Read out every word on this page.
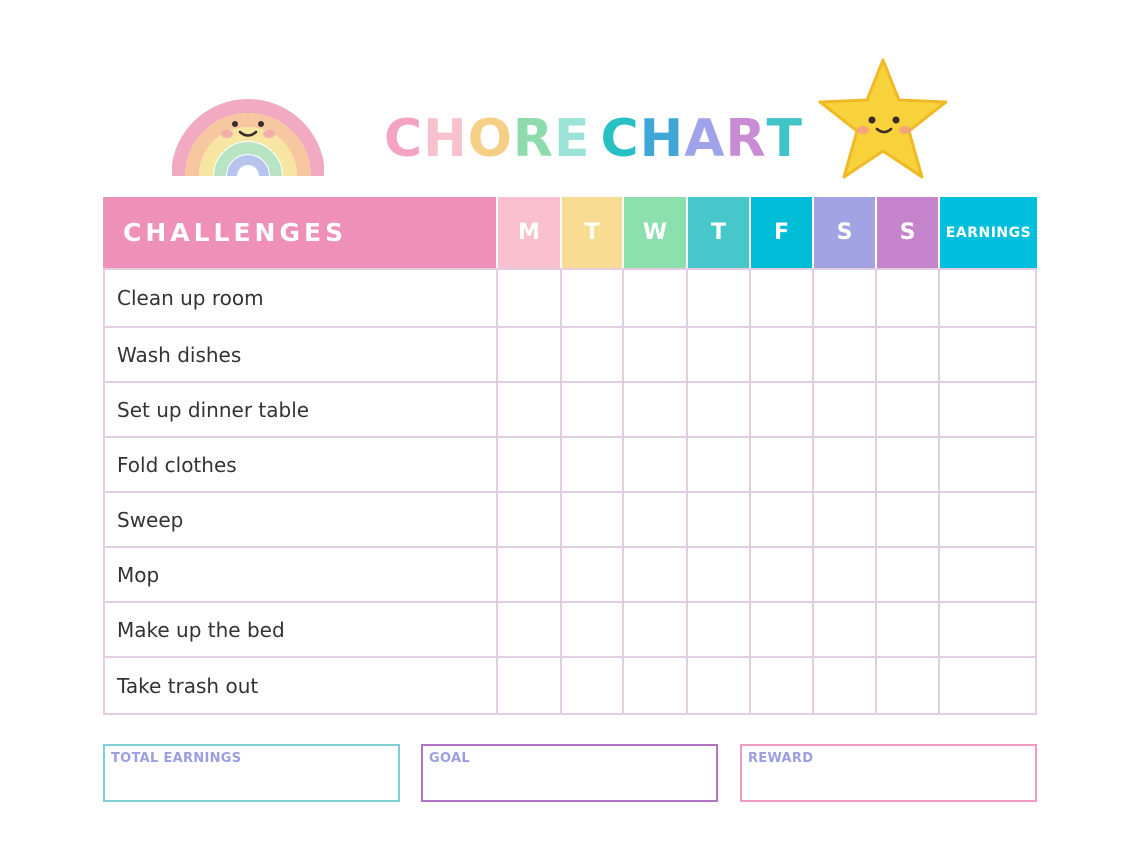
C H O R E C H A R T
CHALLENGES	M	T	W	T	F	S	S	EARNINGS
Clean up room
Wash dishes
Set up dinner table
Fold clothes
Sweep
Mop
Make up the bed
Take trash out
TOTAL EARNINGS	GOAL	REWARD
